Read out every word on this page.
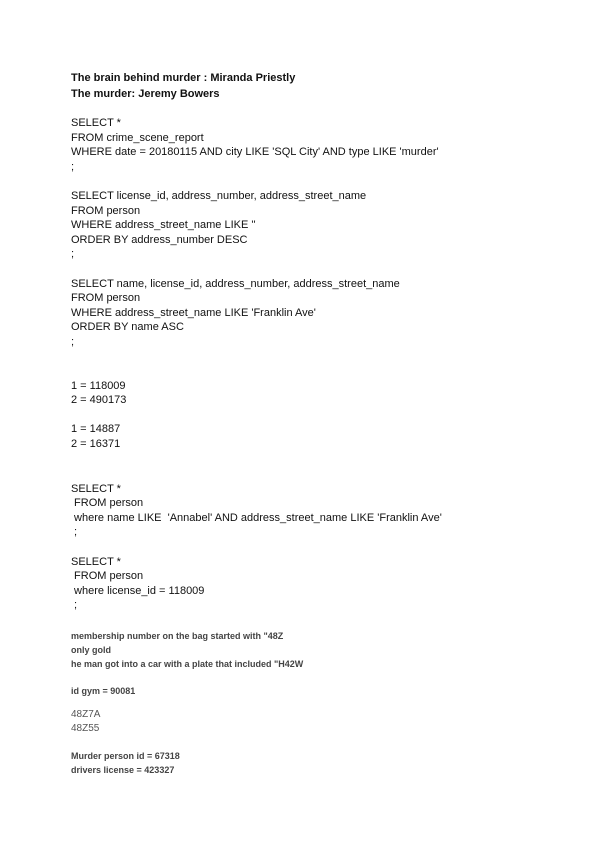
The brain behind murder : Miranda Priestly
The murder: Jeremy Bowers
SELECT *
FROM crime_scene_report
WHERE date = 20180115 AND city LIKE 'SQL City' AND type LIKE 'murder'
;
SELECT license_id, address_number, address_street_name
FROM person
WHERE address_street_name LIKE ''
ORDER BY address_number DESC
;
SELECT name, license_id, address_number, address_street_name
FROM person
WHERE address_street_name LIKE 'Franklin Ave'
ORDER BY name ASC
;
1 = 118009
2 = 490173
1 = 14887
2 = 16371
SELECT *
FROM person
where name LIKE  'Annabel' AND address_street_name LIKE 'Franklin Ave'
;
SELECT *
FROM person
where license_id = 118009
;
membership number on the bag started with "48Z
only gold
he man got into a car with a plate that included "H42W
id gym = 90081
48Z7A
48Z55
Murder person id = 67318
drivers license = 423327
